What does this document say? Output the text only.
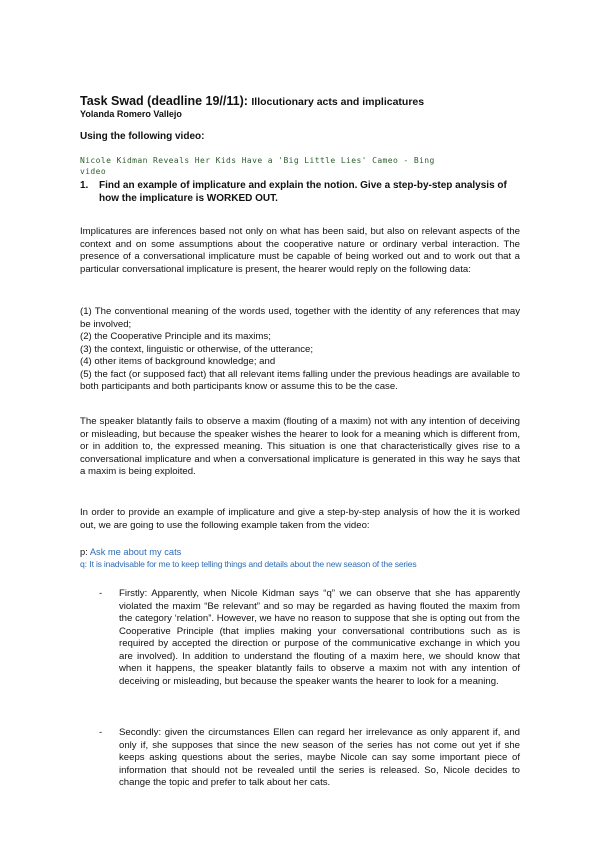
Task Swad (deadline 19//11): Illocutionary acts and implicatures
Yolanda Romero Vallejo
Using the following video:
Nicole Kidman Reveals Her Kids Have a 'Big Little Lies' Cameo - Bing
video
1. Find an example of implicature and explain the notion. Give a step-by-step analysis of how the implicature is WORKED OUT.
Implicatures are inferences based not only on what has been said, but also on relevant aspects of the context and on some assumptions about the cooperative nature or ordinary verbal interaction. The presence of a conversational implicature must be capable of being worked out and to work out that a particular conversational implicature is present, the hearer would reply on the following data:
(1) The conventional meaning of the words used, together with the identity of any references that may be involved;
(2) the Cooperative Principle and its maxims;
(3) the context, linguistic or otherwise, of the utterance;
(4) other items of background knowledge; and
(5) the fact (or supposed fact) that all relevant items falling under the previous headings are available to both participants and both participants know or assume this to be the case.
The speaker blatantly fails to observe a maxim (flouting of a maxim) not with any intention of deceiving or misleading, but because the speaker wishes the hearer to look for a meaning which is different from, or in addition to, the expressed meaning. This situation is one that characteristically gives rise to a conversational implicature and when a conversational implicature is generated in this way he says that a maxim is being exploited.
In order to provide an example of implicature and give a step-by-step analysis of how the it is worked out, we are going to use the following example taken from the video:
p: Ask me about my cats
q: It is inadvisable for me to keep telling things and details about the new season of the series
- Firstly: Apparently, when Nicole Kidman says “q” we can observe that she has apparently violated the maxim “Be relevant” and so may be regarded as having flouted the maxim from the category ‘relation”. However, we have no reason to suppose that she is opting out from the Cooperative Principle (that implies making your conversational contributions such as is required by accepted the direction or purpose of the communicative exchange in which you are involved). In addition to understand the flouting of a maxim here, we should know that when it happens, the speaker blatantly fails to observe a maxim not with any intention of deceiving or misleading, but because the speaker wants the hearer to look for a meaning.
- Secondly: given the circumstances Ellen can regard her irrelevance as only apparent if, and only if, she supposes that since the new season of the series has not come out yet if she keeps asking questions about the series, maybe Nicole can say some important piece of information that should not be revealed until the series is released. So, Nicole decides to change the topic and prefer to talk about her cats.
